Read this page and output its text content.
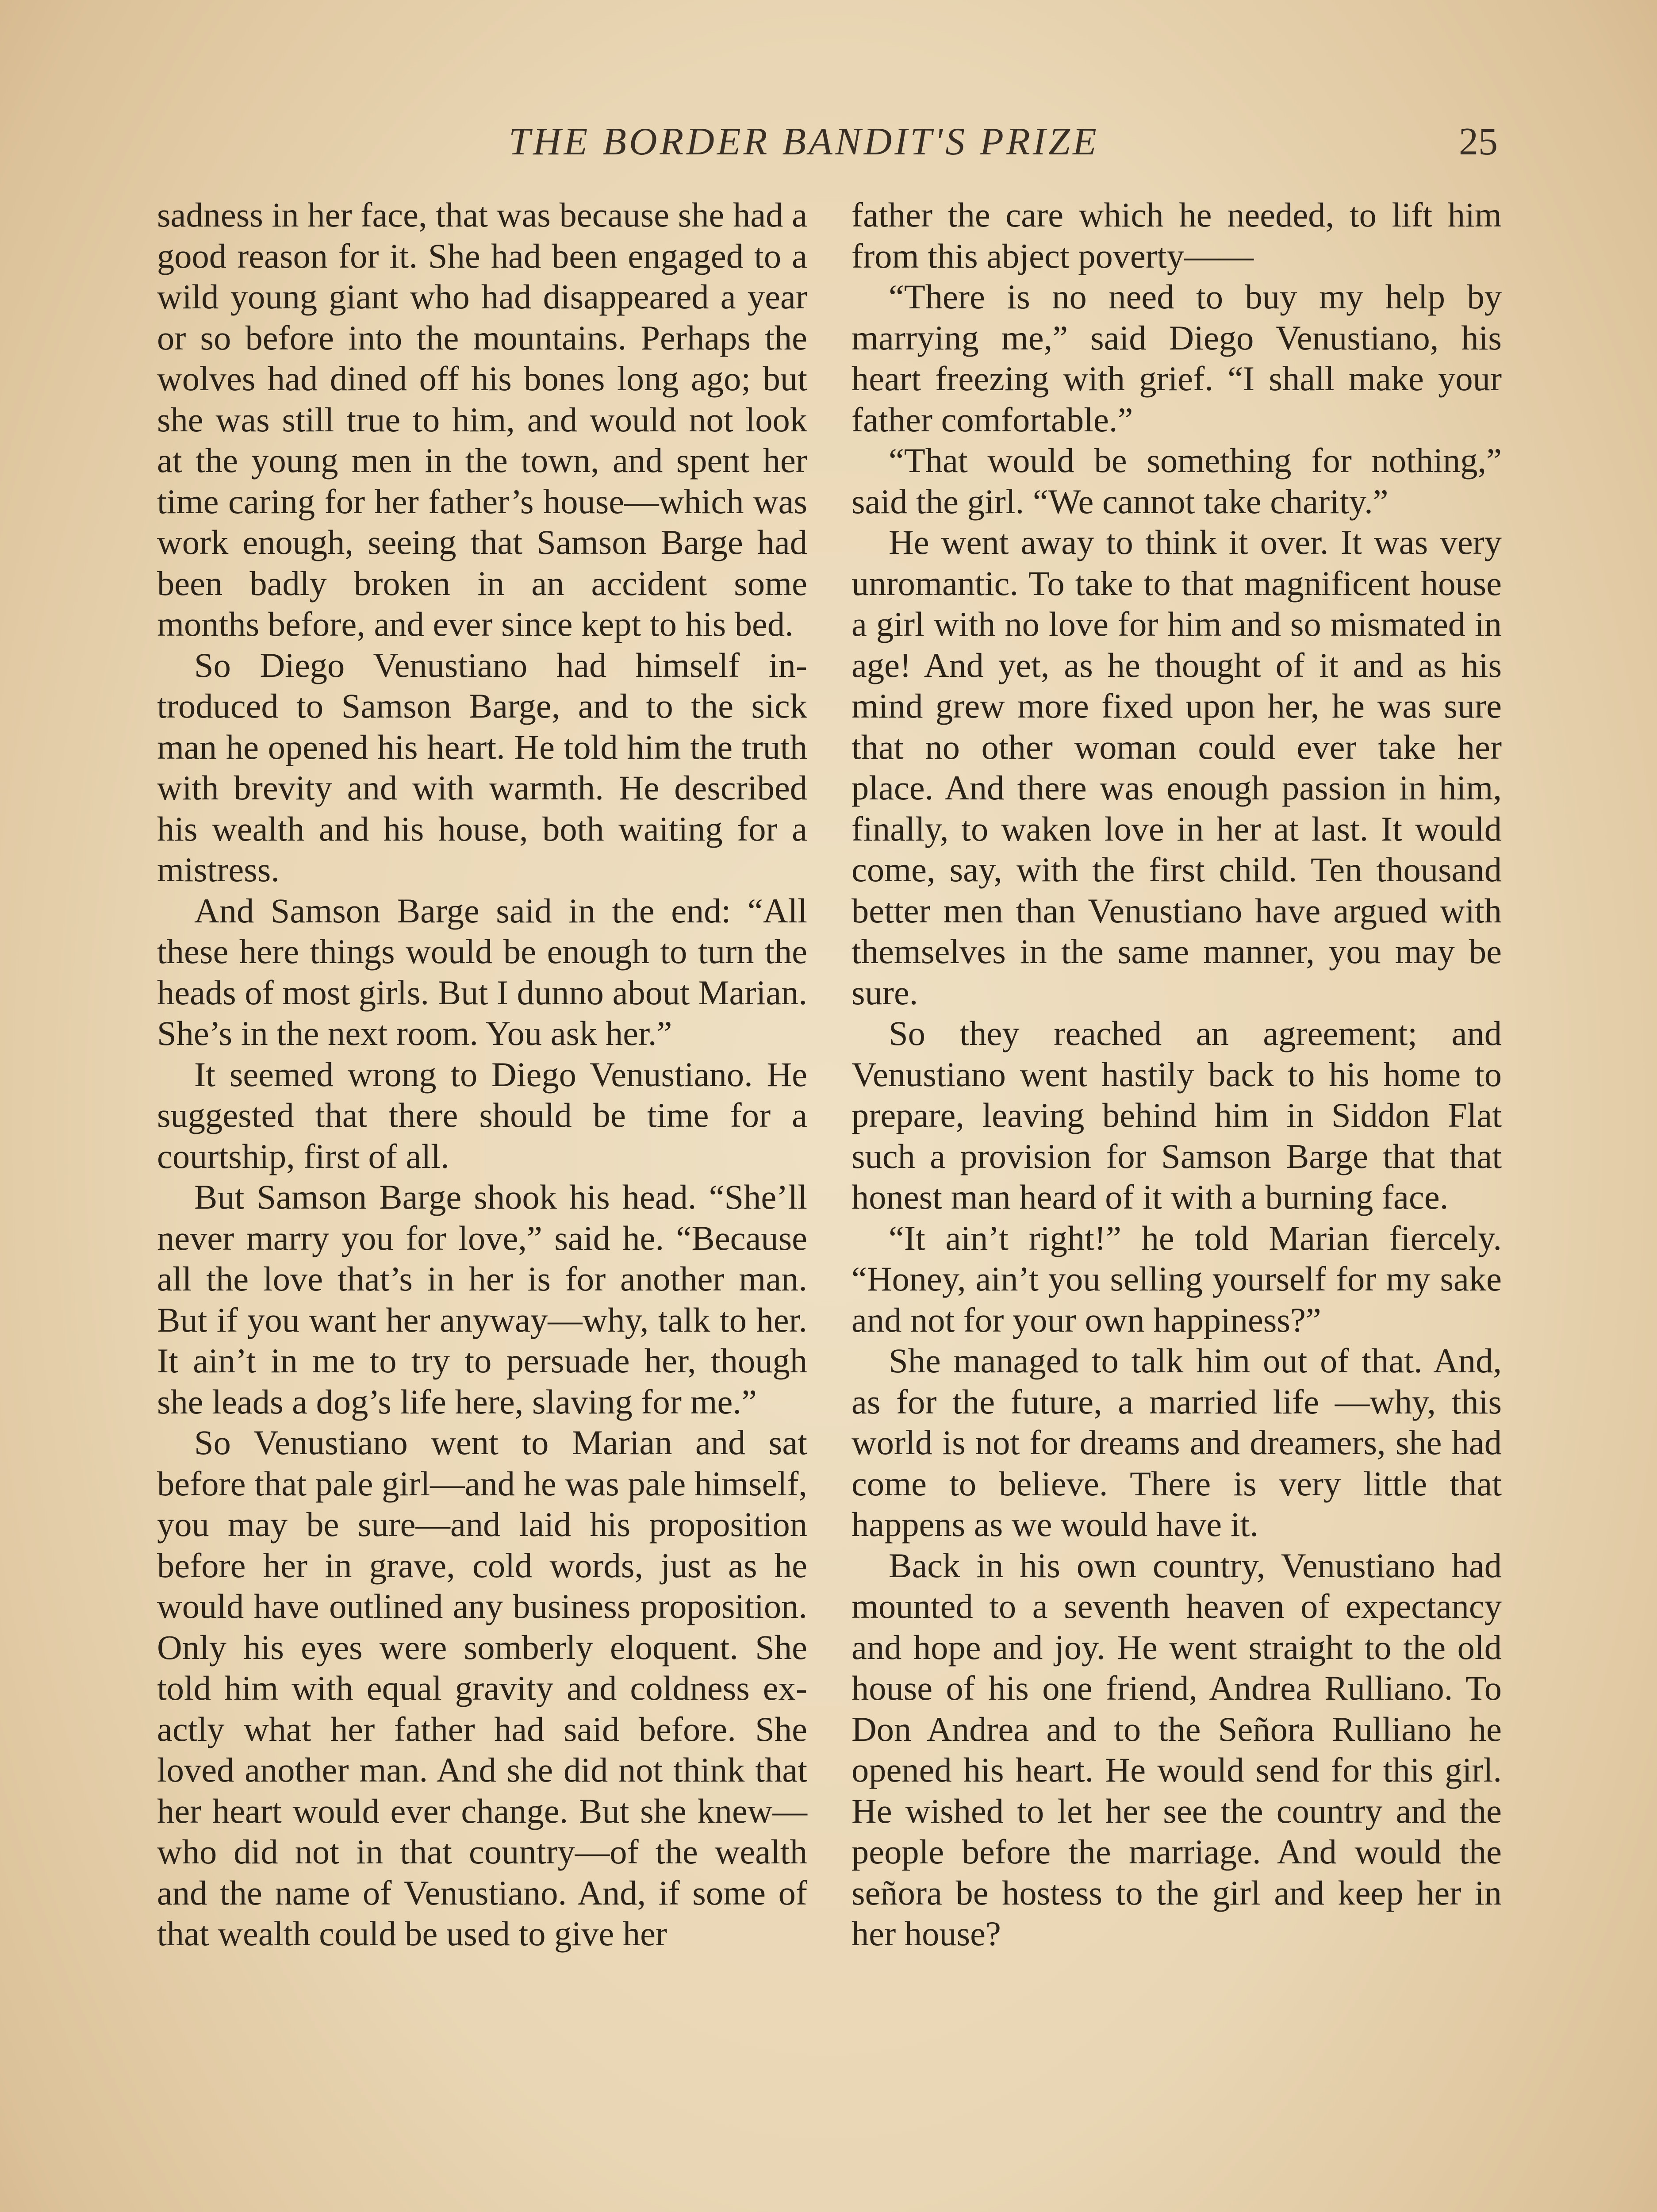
THE BORDER BANDIT'S PRIZE	25

sadness in her face, that was because she had a good reason for it. She had been engaged to a wild young giant who had disappeared a year or so before into the mountains. Perhaps the wolves had dined off his bones long ago; but she was still true to him, and would not look at the young men in the town, and spent her time caring for her father’s house—which was work enough, seeing that Samson Barge had been badly broken in an accident some months before, and ever since kept to his bed.

So Diego Venustiano had himself introduced to Samson Barge, and to the sick man he opened his heart. He told him the truth with brevity and with warmth. He described his wealth and his house, both waiting for a mistress.

And Samson Barge said in the end: “All these here things would be enough to turn the heads of most girls. But I dunno about Marian. She’s in the next room. You ask her.”

It seemed wrong to Diego Venustiano. He suggested that there should be time for a courtship, first of all.

But Samson Barge shook his head. “She’ll never marry you for love,” said he. “Because all the love that’s in her is for another man. But if you want her anyway—why, talk to her. It ain’t in me to try to persuade her, though she leads a dog’s life here, slaving for me.”

So Venustiano went to Marian and sat before that pale girl—and he was pale himself, you may be sure—and laid his proposition before her in grave, cold words, just as he would have outlined any business proposition. Only his eyes were somberly eloquent. She told him with equal gravity and coldness exactly what her father had said before. She loved another man. And she did not think that her heart would ever change. But she knew—who did not in that country—of the wealth and the name of Venustiano. And, if some of that wealth could be used to give her

father the care which he needed, to lift him from this abject poverty——

“There is no need to buy my help by marrying me,” said Diego Venustiano, his heart freezing with grief. “I shall make your father comfortable.”

“That would be something for nothing,” said the girl. “We cannot take charity.”

He went away to think it over. It was very unromantic. To take to that magnificent house a girl with no love for him and so mismated in age! And yet, as he thought of it and as his mind grew more fixed upon her, he was sure that no other woman could ever take her place. And there was enough passion in him, finally, to waken love in her at last. It would come, say, with the first child. Ten thousand better men than Venustiano have argued with themselves in the same manner, you may be sure.

So they reached an agreement; and Venustiano went hastily back to his home to prepare, leaving behind him in Siddon Flat such a provision for Samson Barge that that honest man heard of it with a burning face.

“It ain’t right!” he told Marian fiercely. “Honey, ain’t you selling yourself for my sake and not for your own happiness?”

She managed to talk him out of that. And, as for the future, a married life —why, this world is not for dreams and dreamers, she had come to believe. There is very little that happens as we would have it.

Back in his own country, Venustiano had mounted to a seventh heaven of expectancy and hope and joy. He went straight to the old house of his one friend, Andrea Rulliano. To Don Andrea and to the Señora Rulliano he opened his heart. He would send for this girl. He wished to let her see the country and the people before the marriage. And would the señora be hostess to the girl and keep her in her house?
